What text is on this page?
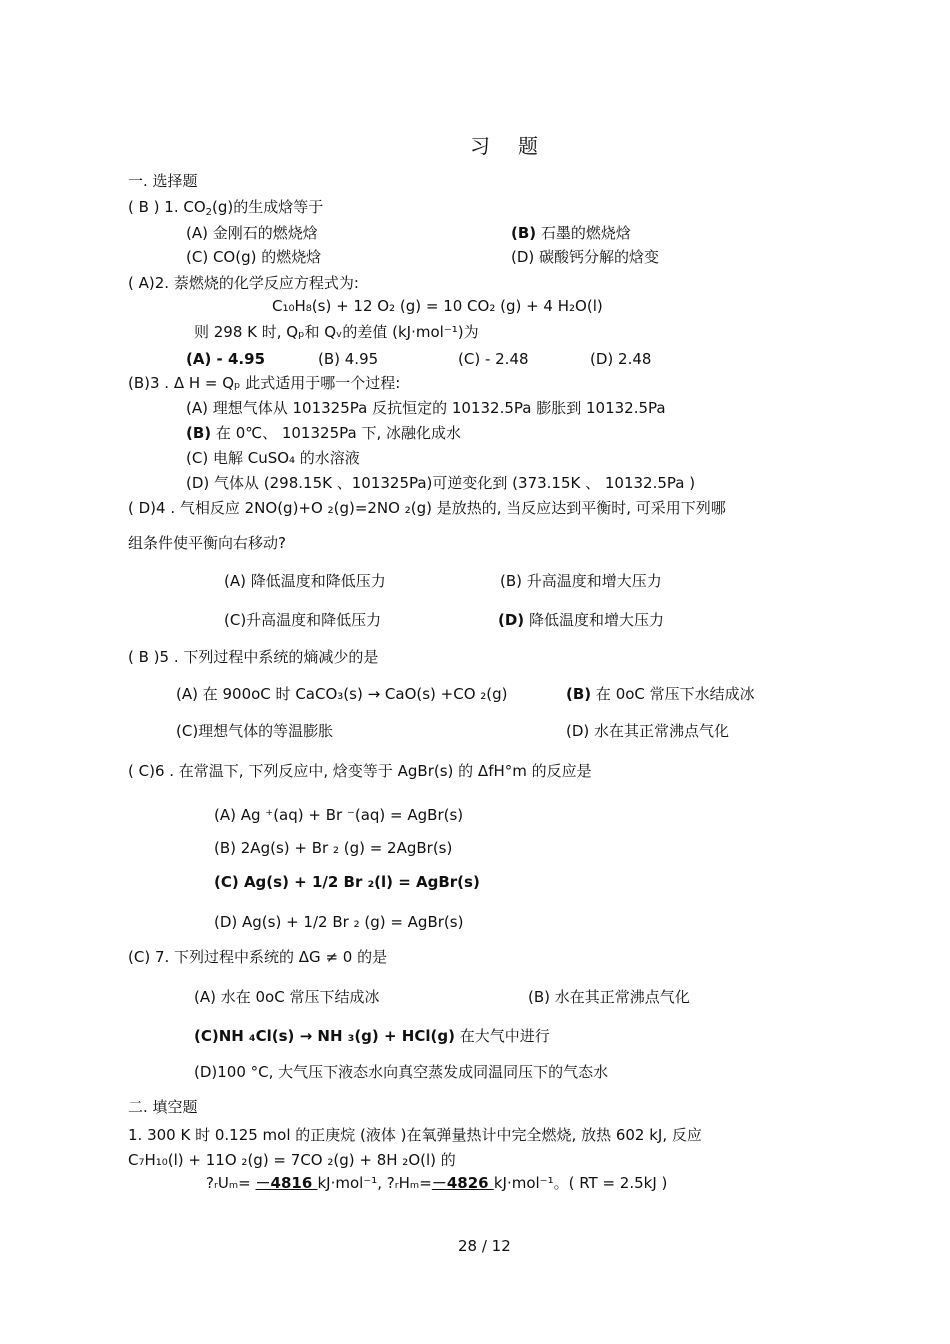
习题
一. 选择题
( B ) 1. $CO_2(g)$的生成焓等于
(A) 金刚石的燃烧焓	(B) 石墨的燃烧焓
(C) CO(g) 的燃烧焓	(D) 碳酸钙分解的焓变
( A)2. 萘燃烧的化学反应方程式为:
C₁₀H₈(s) + 12 O₂ (g) = 10 CO₂ (g) + 4 H₂O(l)
则 298 K 时, Qₚ和 Qᵥ的差值 (kJ·mol⁻¹)为
(A) - 4.95	(B) 4.95	(C) - 2.48	(D) 2.48
(B)3 . Δ H = Qₚ 此式适用于哪一个过程:
(A) 理想气体从 101325Pa 反抗恒定的 10132.5Pa 膨胀到 10132.5Pa
(B) 在 0℃、 101325Pa 下, 冰融化成水
(C) 电解 CuSO₄ 的水溶液
(D) 气体从 (298.15K 、101325Pa)可逆变化到 (373.15K 、 10132.5Pa )
( D)4 . 气相反应 2NO(g)+O ₂(g)=2NO ₂(g) 是放热的, 当反应达到平衡时, 可采用下列哪
组条件使平衡向右移动?
(A) 降低温度和降低压力	(B) 升高温度和增大压力
(C)升高温度和降低压力	(D) 降低温度和增大压力
( B )5 . 下列过程中系统的熵减少的是
(A) 在 900oC 时 CaCO₃(s) → CaO(s) +CO ₂(g)	(B) 在 0oC 常压下水结成冰
(C)理想气体的等温膨胀	(D) 水在其正常沸点气化
( C)6 . 在常温下, 下列反应中, 焓变等于 AgBr(s) 的 ΔfH°m 的反应是
(A) Ag ⁺(aq) + Br ⁻(aq) = AgBr(s)
(B) 2Ag(s) + Br ₂ (g) = 2AgBr(s)
(C) Ag(s) + 1/2 Br ₂(l) = AgBr(s)
(D) Ag(s) + 1/2 Br ₂ (g) = AgBr(s)
(C) 7. 下列过程中系统的 ΔG ≠ 0 的是
(A) 水在 0oC 常压下结成冰	(B) 水在其正常沸点气化
(C)NH ₄Cl(s) → NH ₃(g) + HCl(g) 在大气中进行
(D)100 °C, 大气压下液态水向真空蒸发成同温同压下的气态水
二. 填空题
1. 300 K 时 0.125 mol 的正庚烷 (液体 )在氧弹量热计中完全燃烧, 放热 602 kJ, 反应
C₇H₁₀(l) + 11O ₂(g) = 7CO ₂(g) + 8H ₂O(l) 的
?ᵣUₘ= －4816 kJ·mol⁻¹, ?ᵣHₘ=－4826 kJ·mol⁻¹。( RT = 2.5kJ )
28 / 12
